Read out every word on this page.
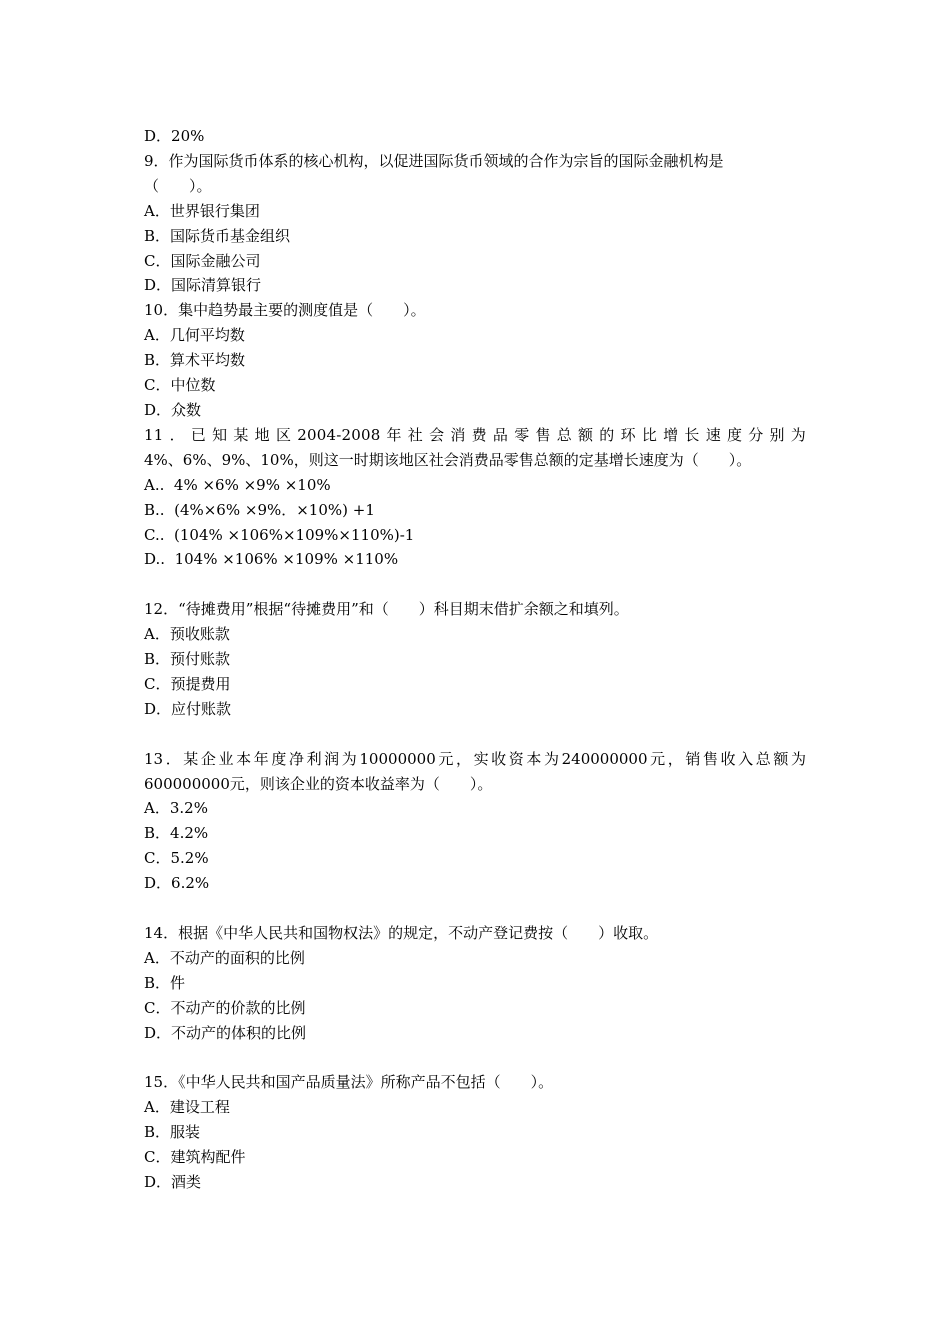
D．20%
9．作为国际货币体系的核心机构，以促进国际货币领域的合作为宗旨的国际金融机构是
（　　）。
A．世界银行集团
B．国际货币基金组织
C．国际金融公司
D．国际清算银行
10．集中趋势最主要的测度值是（　　）。
A．几何平均数
B．算术平均数
C．中位数
D．众数
11．已知某地区2004-2008年社会消费品零售总额的环比增长速度分别为
4%、6%、9%、10%，则这一时期该地区社会消费品零售总额的定基增长速度为（　　）。
A..  4% ×6% ×9% ×10%
B..  (4%×6% ×9%．×10%) +1
C..  (104% ×106%×109%×110%)-1
D..  104% ×106% ×109% ×110%
12．“待摊费用”根据“待摊费用”和（　　）科目期末借扩余额之和填列。
A．预收账款
B．预付账款
C．预提费用
D．应付账款
13．某企业本年度净利润为10000000元，实收资本为240000000元，销售收入总额为
600000000元，则该企业的资本收益率为（　　）。
A．3.2%
B．4.2%
C．5.2%
D．6.2%
14．根据《中华人民共和国物权法》的规定，不动产登记费按（　　）收取。
A．不动产的面积的比例
B．件
C．不动产的价款的比例
D．不动产的体积的比例
15．《中华人民共和国产品质量法》所称产品不包括（　　）。
A．建设工程
B．服装
C．建筑构配件
D．酒类
